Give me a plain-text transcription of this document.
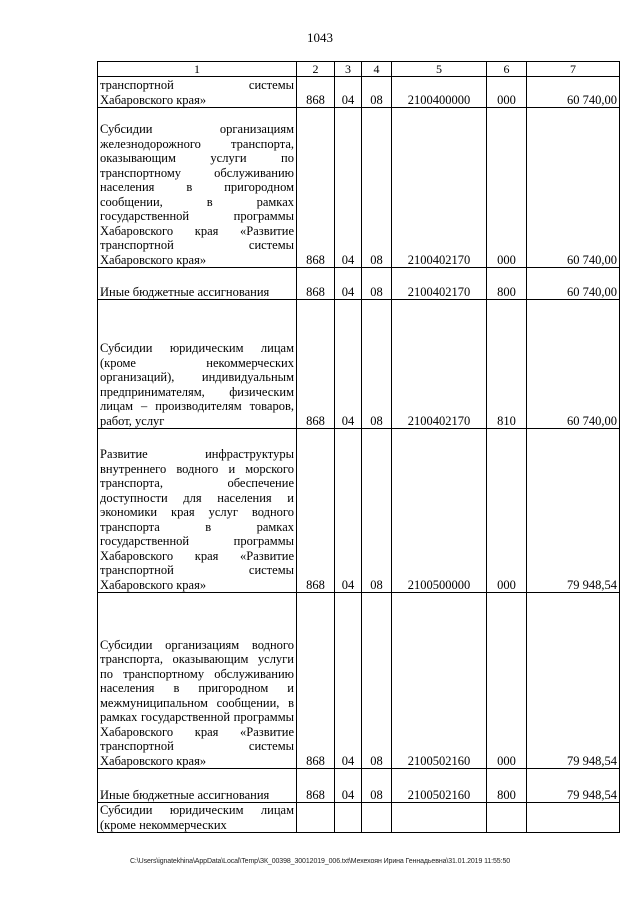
1043
1	2	3	4	5	6	7
транспортной системы Хабаровского края»	868	04	08	2100400000	000	60 740,00
Субсидии организациям железнодорожного транспорта, оказывающим услуги по транспортному обслуживанию населения в пригородном сообщении, в рамках государственной программы Хабаровского края «Развитие транспортной системы Хабаровского края»	868	04	08	2100402170	000	60 740,00
Иные бюджетные ассигнования	868	04	08	2100402170	800	60 740,00
Субсидии юридическим лицам (кроме некоммерческих организаций), индивидуальным предпринимателям, физическим лицам – производителям товаров, работ, услуг	868	04	08	2100402170	810	60 740,00
Развитие инфраструктуры внутреннего водного и морского транспорта, обеспечение доступности для населения и экономики края услуг водного транспорта в рамках государственной программы Хабаровского края «Развитие транспортной системы Хабаровского края»	868	04	08	2100500000	000	79 948,54
Субсидии организациям водного транспорта, оказывающим услуги по транспортному обслуживанию населения в пригородном и межмуниципальном сообщении, в рамках государственной программы Хабаровского края «Развитие транспортной системы Хабаровского края»	868	04	08	2100502160	000	79 948,54
Иные бюджетные ассигнования	868	04	08	2100502160	800	79 948,54
Субсидии юридическим лицам (кроме некоммерческих						
C:\Users\ignatekhina\AppData\Local\Temp\ЗК_00398_30012019_006.txt\Мехехоян Ирина Геннадьевна\31.01.2019 11:55:50
